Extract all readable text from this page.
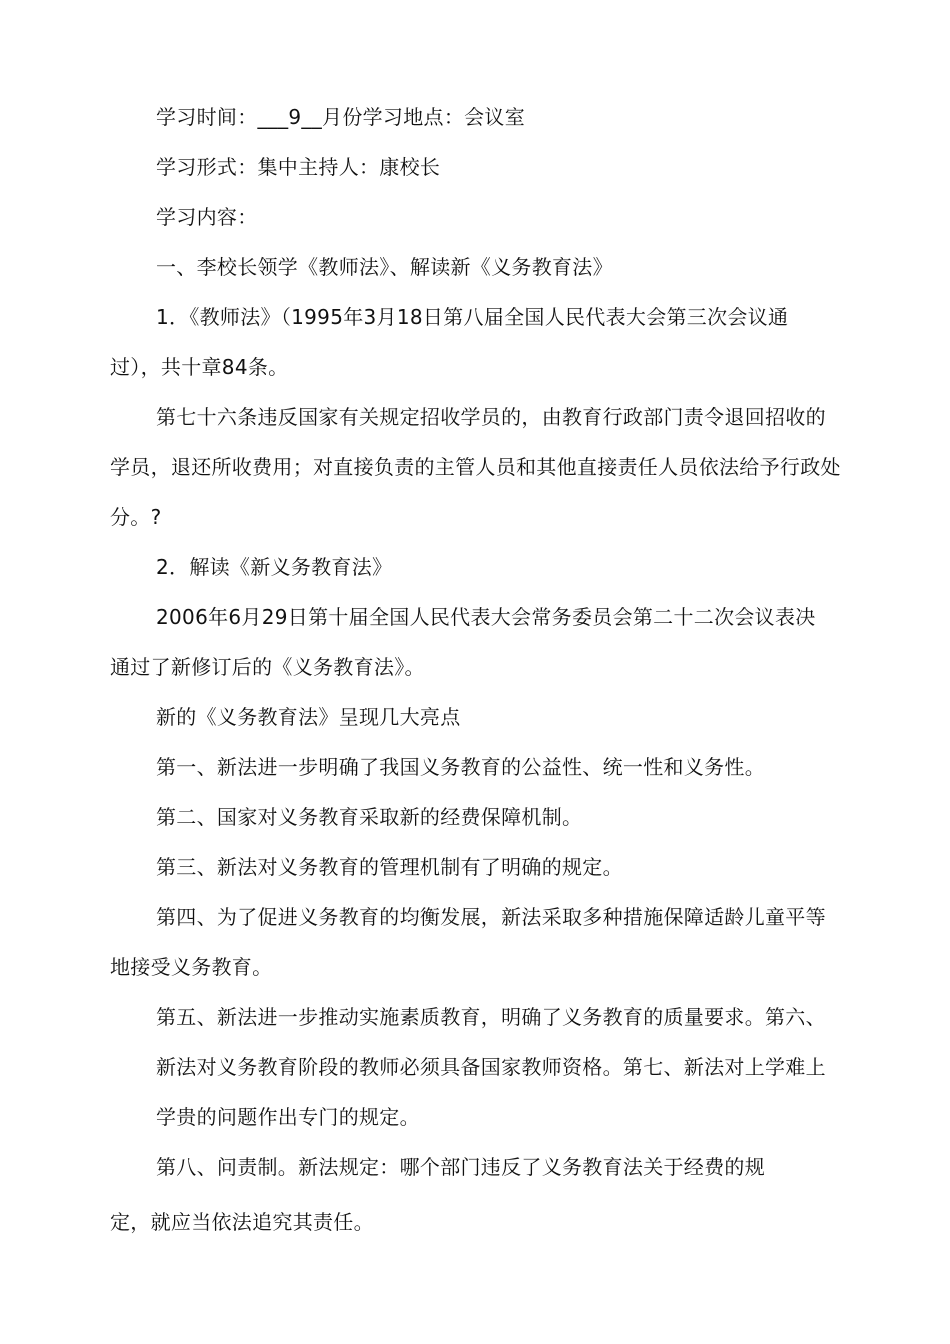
学习时间：___9__月份学习地点：会议室
学习形式：集中主持人：康校长
学习内容：
一、李校长领学《教师法》、解读新《义务教育法》
1．《教师法》（1995年3月18日第八届全国人民代表大会第三次会议通
过），共十章84条。
第七十六条违反国家有关规定招收学员的，由教育行政部门责令退回招收的
学员，退还所收费用；对直接负责的主管人员和其他直接责任人员依法给予行政处
分。?
2．解读《新义务教育法》
2006年6月29日第十届全国人民代表大会常务委员会第二十二次会议表决
通过了新修订后的《义务教育法》。
新的《义务教育法》呈现几大亮点
第一、新法进一步明确了我国义务教育的公益性、统一性和义务性。
第二、国家对义务教育采取新的经费保障机制。
第三、新法对义务教育的管理机制有了明确的规定。
第四、为了促进义务教育的均衡发展，新法采取多种措施保障适龄儿童平等
地接受义务教育。
第五、新法进一步推动实施素质教育，明确了义务教育的质量要求。第六、
新法对义务教育阶段的教师必须具备国家教师资格。第七、新法对上学难上
学贵的问题作出专门的规定。
第八、问责制。新法规定：哪个部门违反了义务教育法关于经费的规
定，就应当依法追究其责任。
